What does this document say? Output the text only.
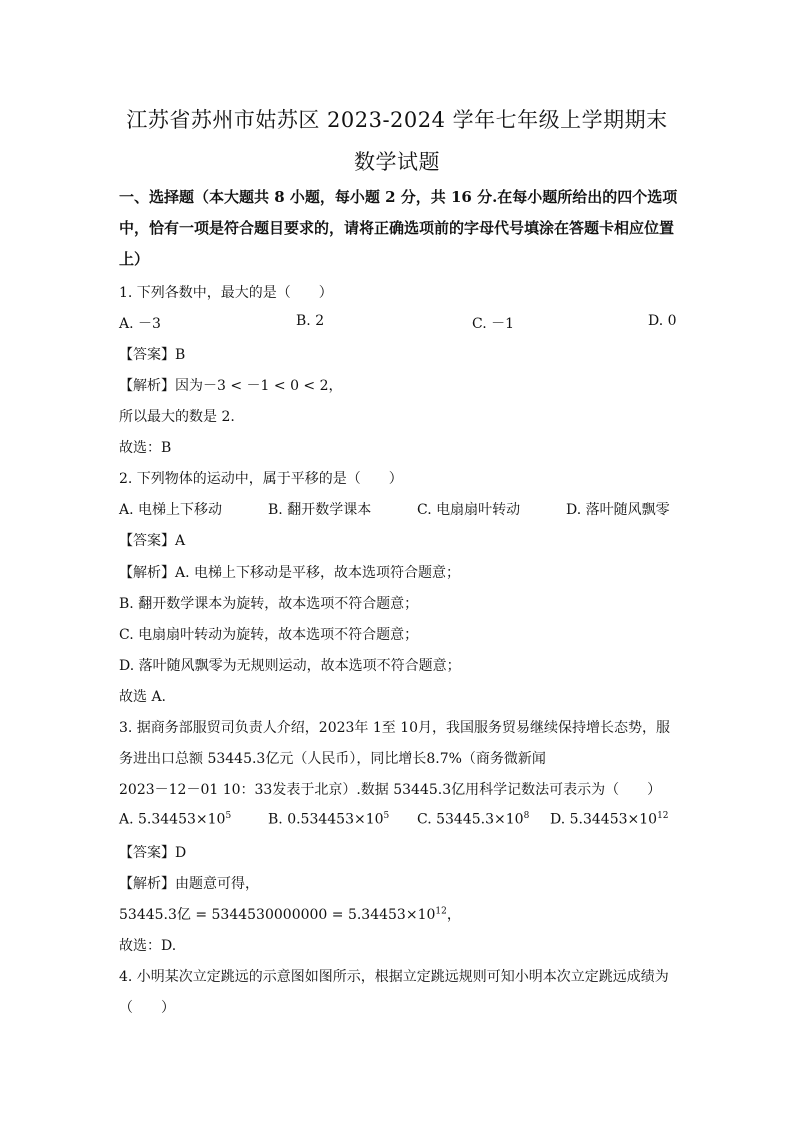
江苏省苏州市姑苏区 2023-2024 学年七年级上学期期末
数学试题
一、选择题（本大题共 8 小题，每小题 2 分，共 16 分.在每小题所给出的四个选项中，恰有一项是符合题目要求的，请将正确选项前的字母代号填涂在答题卡相应位置上）
1. 下列各数中，最大的是（　　）
A. －3	B. 2	C. －1	D. 0
【答案】B
【解析】因为－3 < －1 < 0 < 2，
所以最大的数是 2.
故选：B
2. 下列物体的运动中，属于平移的是（　　）
A. 电梯上下移动	B. 翻开数学课本	C. 电扇扇叶转动	D. 落叶随风飘零
【答案】A
【解析】A. 电梯上下移动是平移，故本选项符合题意；
B. 翻开数学课本为旋转，故本选项不符合题意；
C. 电扇扇叶转动为旋转，故本选项不符合题意；
D. 落叶随风飘零为无规则运动，故本选项不符合题意；
故选 A.
3. 据商务部服贸司负责人介绍，2023年 1至 10月，我国服务贸易继续保持增长态势，服
务进出口总额 53445.3亿元（人民币），同比增长8.7%（商务微新闻
2023－12－01 10：33发表于北京）.数据 53445.3亿用科学记数法可表示为（　　）
A. $5.34453\times 10^5$	B. $0.534453\times 10^5$ C. $53445.3\times 10^8$ D. $5.34453\times 10^{12}$
【答案】D
【解析】由题意可得，
53445.3亿 = $5344530000000 = 5.34453\times 10^{12}$，
故选：D.
4. 小明某次立定跳远的示意图如图所示，根据立定跳远规则可知小明本次立定跳远成绩为
（　　）
